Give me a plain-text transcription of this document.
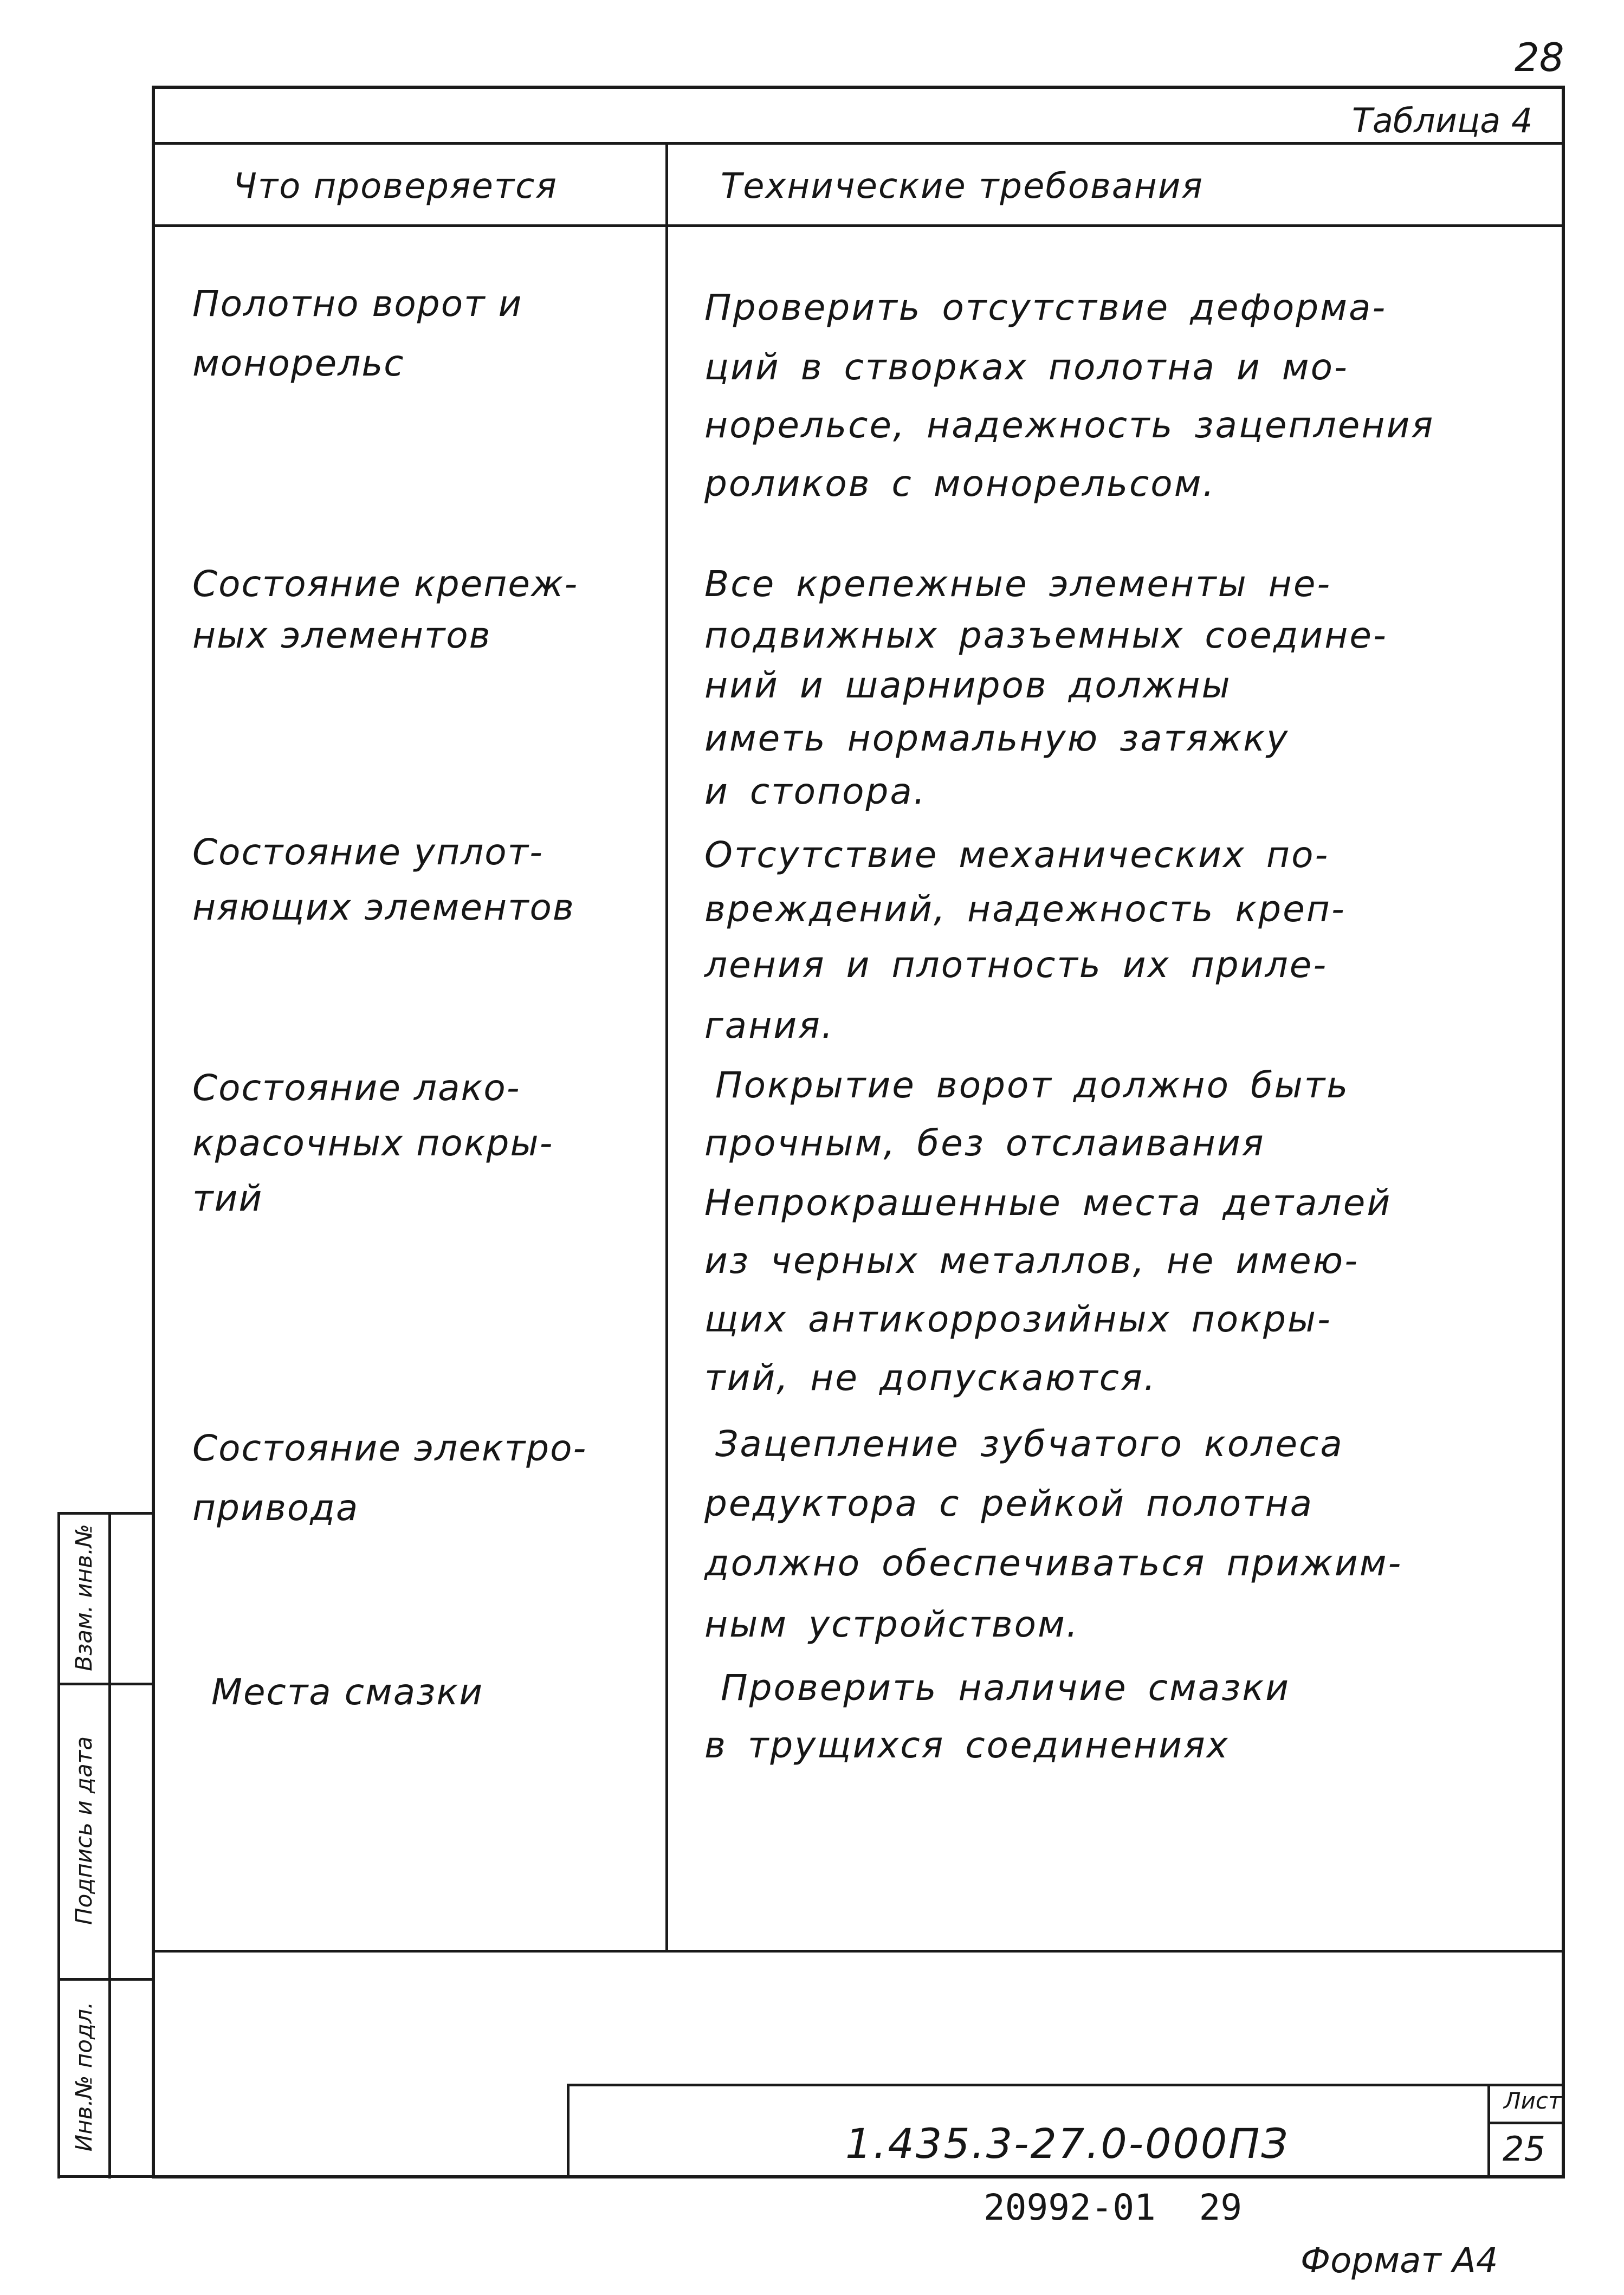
28
Таблица 4
Что проверяется	Технические требования
Полотно ворот и
монорельс
Состояние крепеж-
ных элементов
Состояние уплот-
няющих элементов
Состояние лако-
красочных покры-
тий
Состояние электро-
привода
Места смазки
Проверить отсутствие деформа-
ций в створках полотна и мо-
норельсе, надежность зацепления
роликов с монорельсом.
Все крепежные элементы не-
подвижных разъемных соедине-
ний и шарниров должны
иметь нормальную затяжку
и стопора.
Отсутствие механических по-
вреждений, надежность креп-
ления и плотность их приле-
гания.
Покрытие ворот должно быть
прочным, без отслаивания
Непрокрашенные места деталей
из черных металлов, не имею-
щих антикоррозийных покры-
тий, не допускаются.
Зацепление зубчатого колеса
редуктора с рейкой полотна
должно обеспечиваться прижим-
ным устройством.
Проверить наличие смазки
в трущихся соединениях
Инв.№ подл.
Подпись и дата
Взам. инв.№
1.435.3-27.0-000ПЗ
Лист
25
20992-01 29
Формат А4
